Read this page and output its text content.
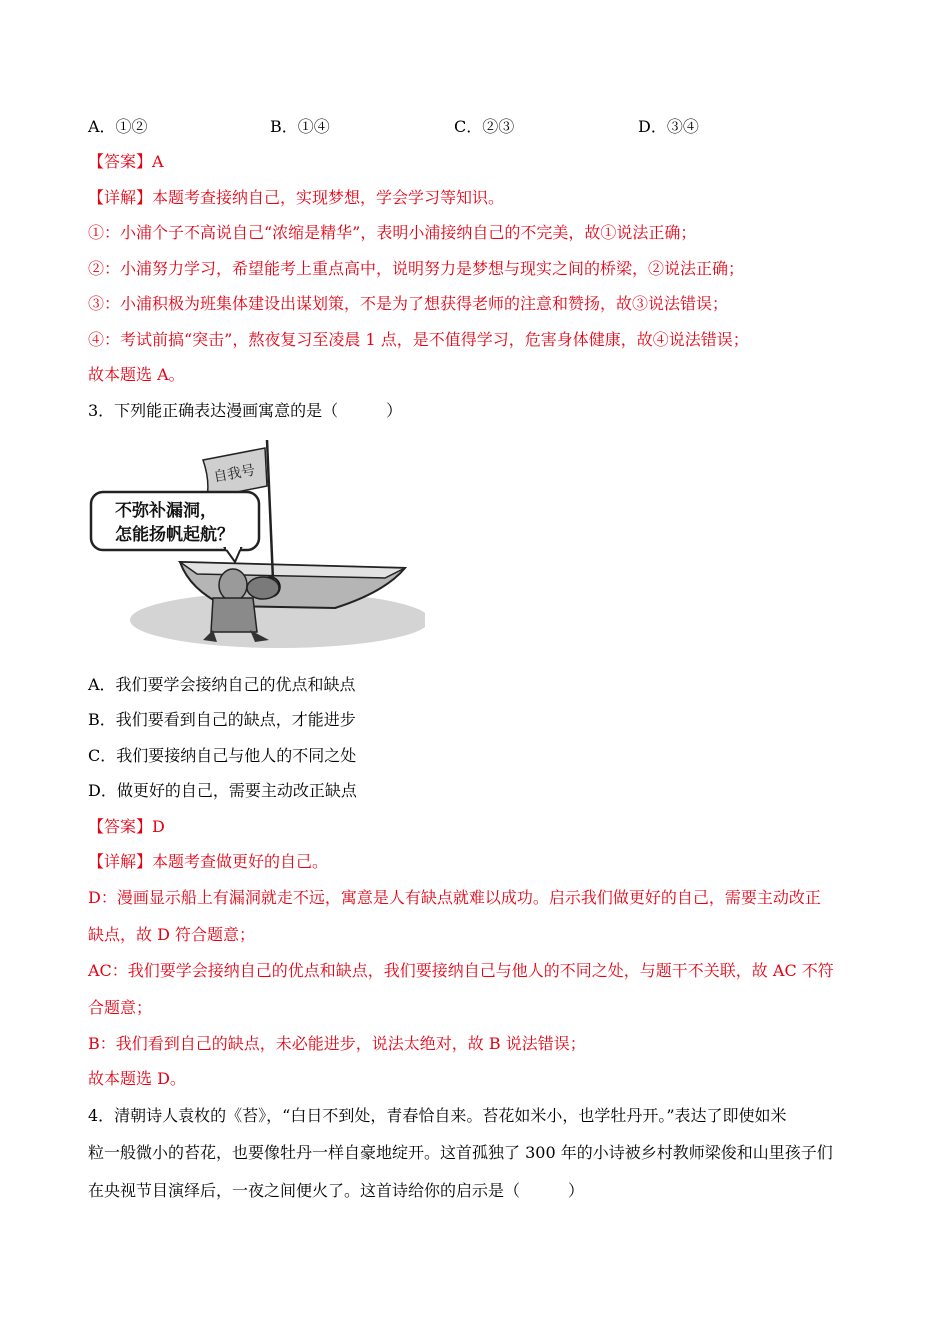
A．①②	B．①④	C．②③	D．③④
【答案】A
【详解】本题考查接纳自己，实现梦想，学会学习等知识。
①：小浦个子不高说自己“浓缩是精华”，表明小浦接纳自己的不完美，故①说法正确；
②：小浦努力学习，希望能考上重点高中，说明努力是梦想与现实之间的桥梁，②说法正确；
③：小浦积极为班集体建设出谋划策，不是为了想获得老师的注意和赞扬，故③说法错误；
④：考试前搞“突击”，熬夜复习至凌晨 1 点，是不值得学习，危害身体健康，故④说法错误；
故本题选 A。
3．下列能正确表达漫画寓意的是（　　　）
自我号
不弥补漏洞，
怎能扬帆起航？
A．我们要学会接纳自己的优点和缺点
B．我们要看到自己的缺点，才能进步
C．我们要接纳自己与他人的不同之处
D．做更好的自己，需要主动改正缺点
【答案】D
【详解】本题考查做更好的自己。
D：漫画显示船上有漏洞就走不远，寓意是人有缺点就难以成功。启示我们做更好的自己，需要主动改正
缺点，故 D 符合题意；
AC：我们要学会接纳自己的优点和缺点，我们要接纳自己与他人的不同之处，与题干不关联，故 AC 不符
合题意；
B：我们看到自己的缺点，未必能进步，说法太绝对，故 B 说法错误；
故本题选 D。
4．清朝诗人袁枚的《苔》，“白日不到处，青春恰自来。苔花如米小，也学牡丹开。”表达了即使如米
粒一般微小的苔花，也要像牡丹一样自豪地绽开。这首孤独了 300 年的小诗被乡村教师梁俊和山里孩子们
在央视节目演绎后，一夜之间便火了。这首诗给你的启示是（　　　）
